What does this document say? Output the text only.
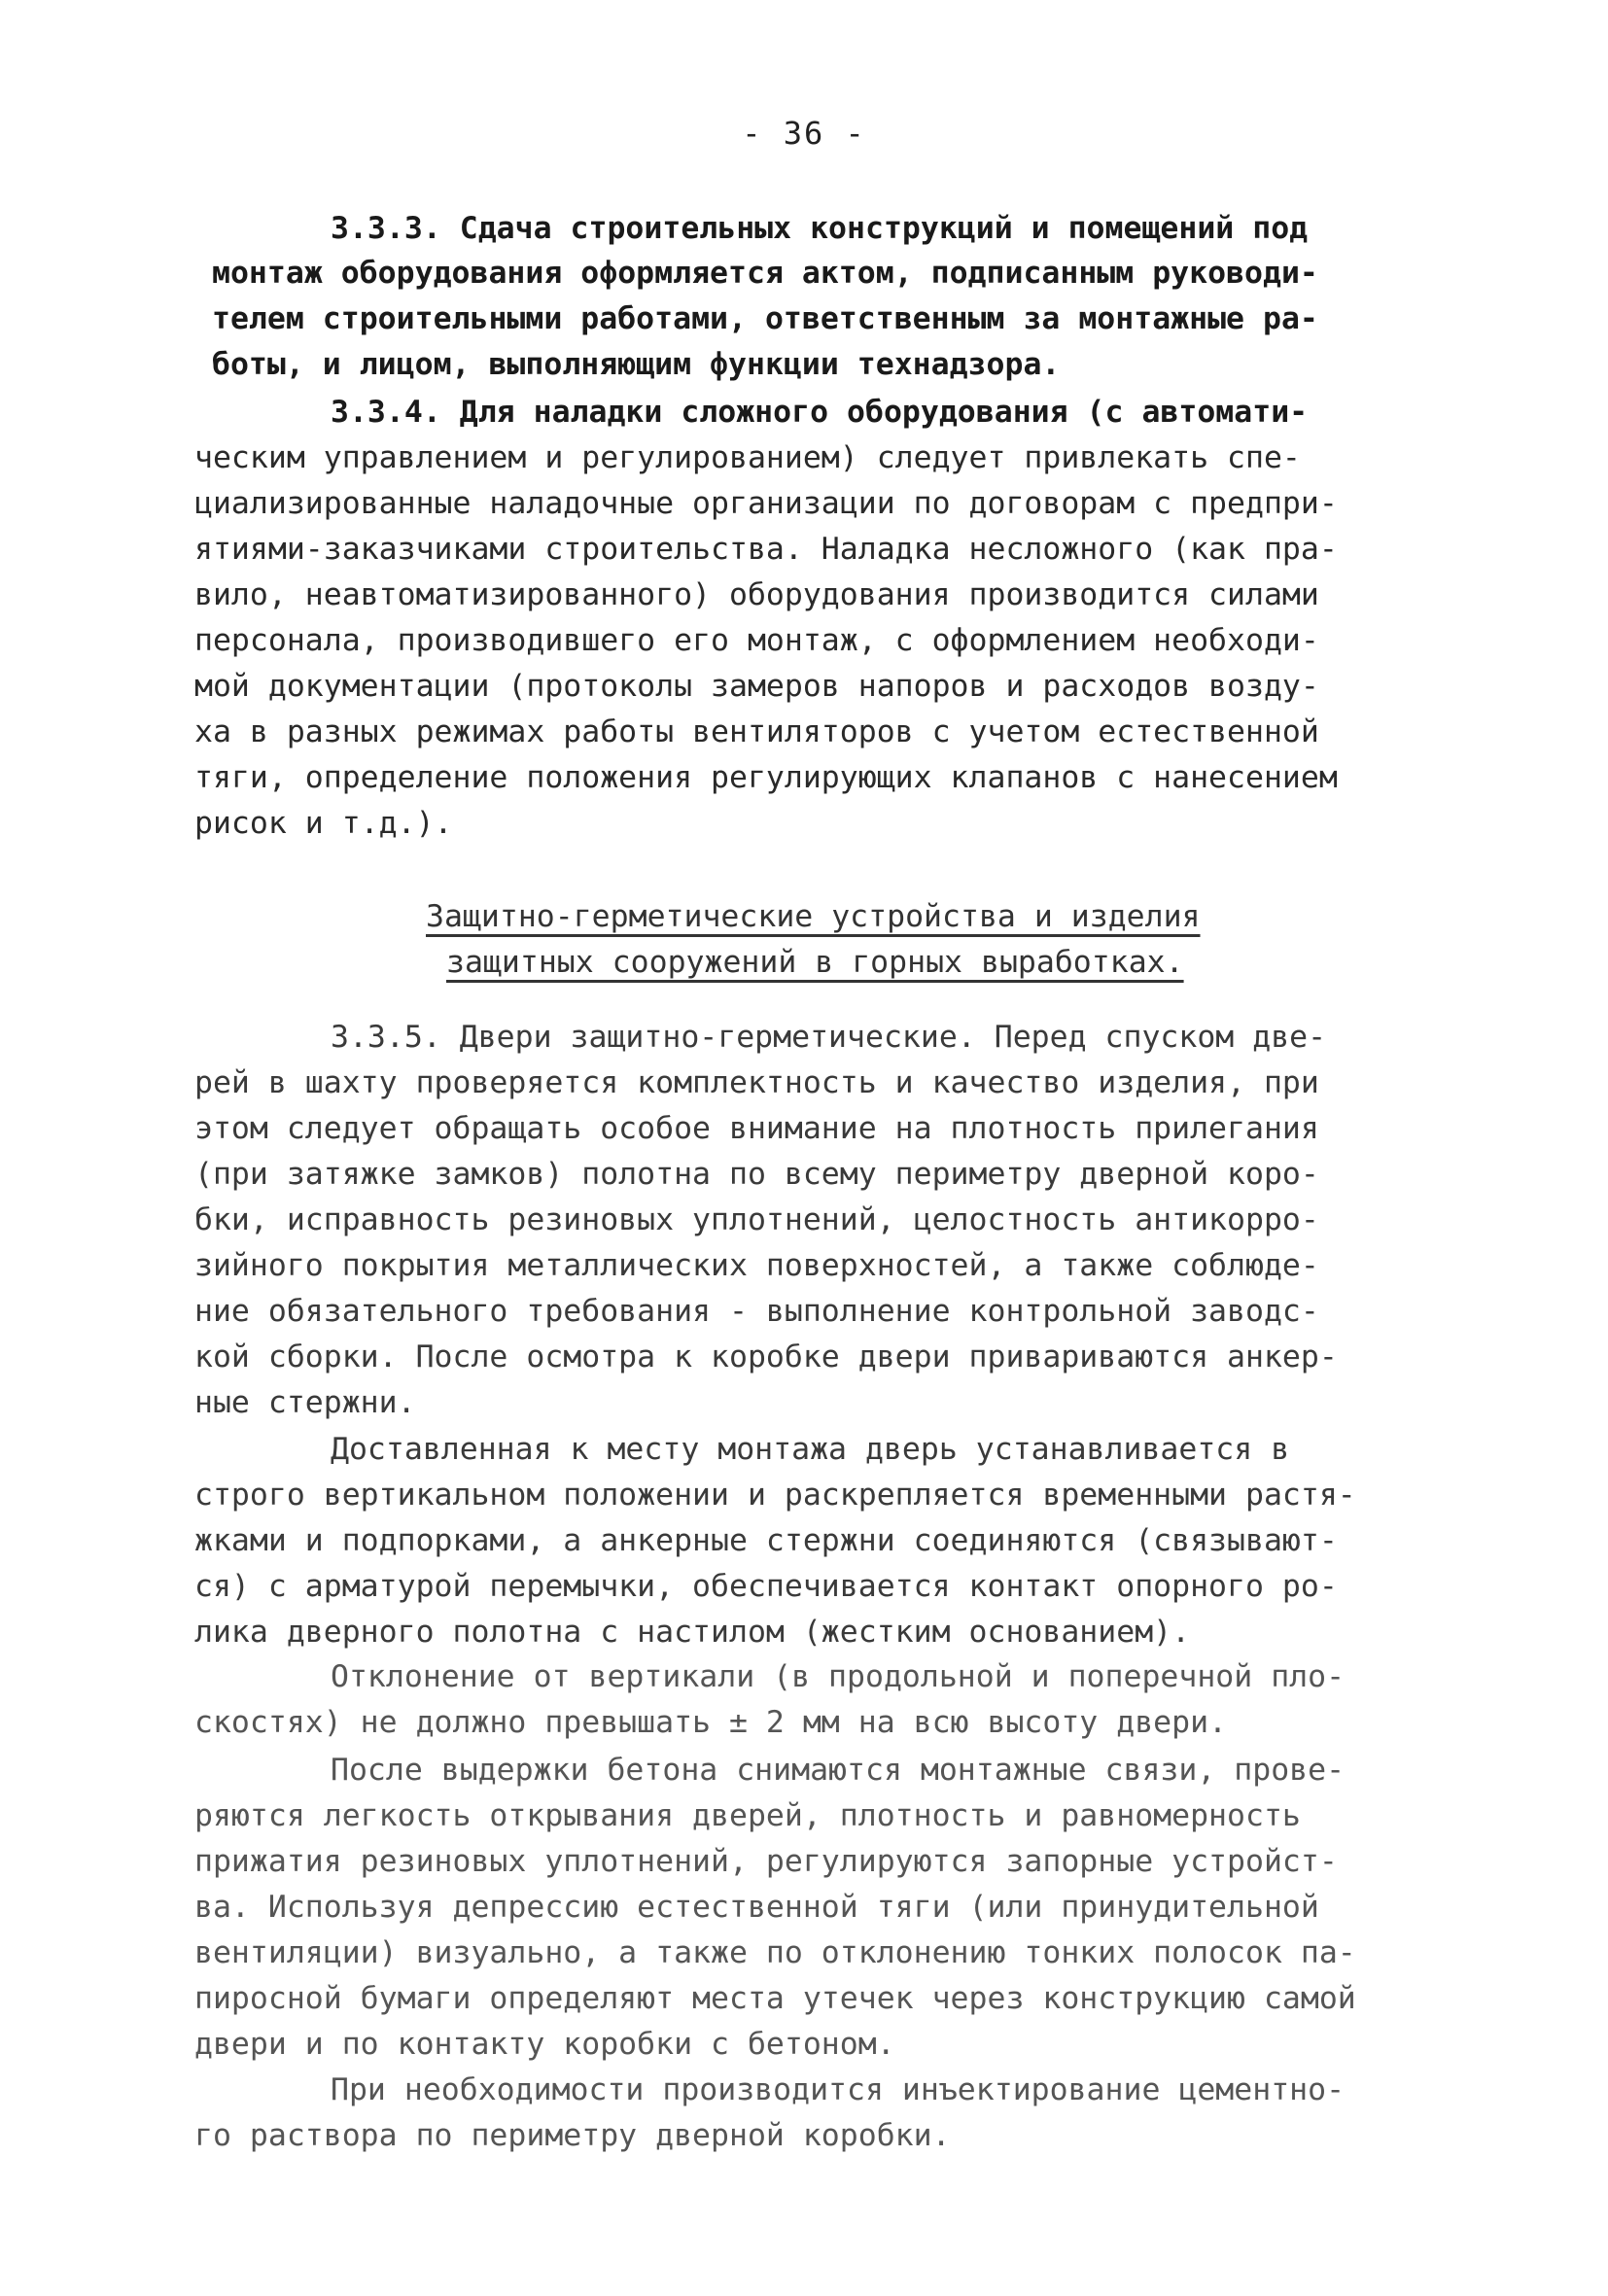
- 36 -
3.3.3. Сдача строительных конструкций и помещений под
монтаж оборудования оформляется актом, подписанным руководи-
телем строительными работами, ответственным за монтажные ра-
боты, и лицом, выполняющим функции технадзора.
3.3.4. Для наладки сложного оборудования (с автомати-
ческим управлением и регулированием) следует привлекать спе-
циализированные наладочные организации по договорам с предпри-
ятиями-заказчиками строительства. Наладка несложного (как пра-
вило, неавтоматизированного) оборудования производится силами
персонала, производившего его монтаж, с оформлением необходи-
мой документации (протоколы замеров напоров и расходов возду-
ха в разных режимах работы вентиляторов с учетом естественной
тяги, определение положения регулирующих клапанов с нанесением
рисок и т.д.).
Защитно-герметические устройства и изделия
защитных сооружений в горных выработках.
3.3.5. Двери защитно-герметические. Перед спуском две-
рей в шахту проверяется комплектность и качество изделия, при
этом следует обращать особое внимание на плотность прилегания
(при затяжке замков) полотна по всему периметру дверной коро-
бки, исправность резиновых уплотнений, целостность антикорро-
зийного покрытия металлических поверхностей, а также соблюде-
ние обязательного требования - выполнение контрольной заводс-
кой сборки. После осмотра к коробке двери привариваются анкер-
ные стержни.
Доставленная к месту монтажа дверь устанавливается в
строго вертикальном положении и раскрепляется временными растя-
жками и подпорками, а анкерные стержни соединяются (связывают-
ся) с арматурой перемычки, обеспечивается контакт опорного ро-
лика дверного полотна с настилом (жестким основанием).
Отклонение от вертикали (в продольной и поперечной пло-
скостях) не должно превышать ± 2 мм на всю высоту двери.
После выдержки бетона снимаются монтажные связи, прове-
ряются легкость открывания дверей, плотность и равномерность
прижатия резиновых уплотнений, регулируются запорные устройст-
ва. Используя депрессию естественной тяги (или принудительной
вентиляции) визуально, а также по отклонению тонких полосок па-
пиросной бумаги определяют места утечек через конструкцию самой
двери и по контакту коробки с бетоном.
При необходимости производится инъектирование цементно-
го раствора по периметру дверной коробки.
